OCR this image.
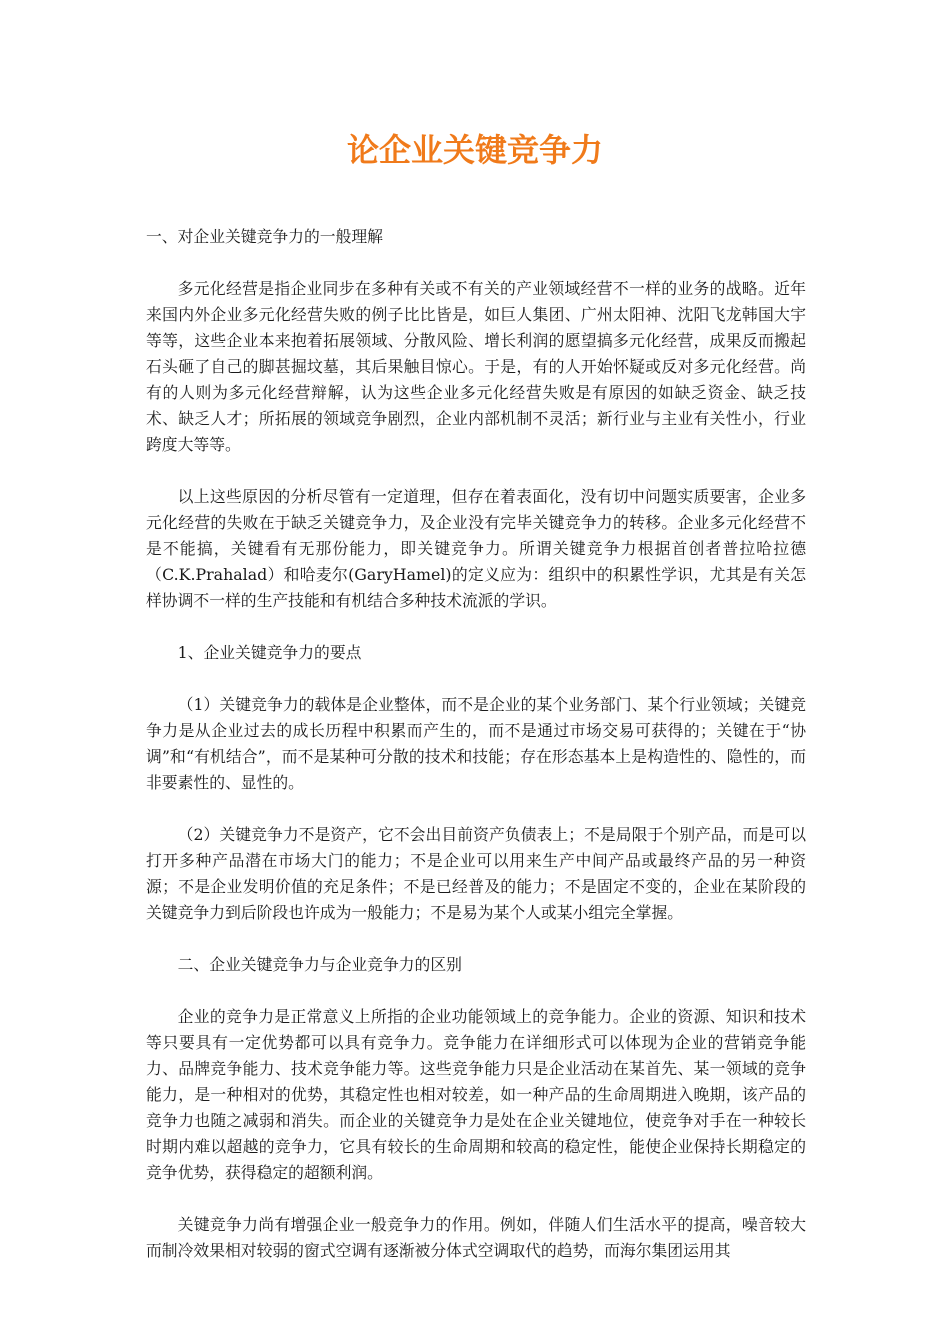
论企业关键竞争力

一、对企业关键竞争力的一般理解

多元化经营是指企业同步在多种有关或不有关的产业领域经营不一样的业务的战略。近年来国内外企业多元化经营失败的例子比比皆是，如巨人集团、广州太阳神、沈阳飞龙韩国大宇等等，这些企业本来抱着拓展领域、分散风险、增长利润的愿望搞多元化经营，成果反而搬起石头砸了自己的脚甚掘坟墓，其后果触目惊心。于是，有的人开始怀疑或反对多元化经营。尚有的人则为多元化经营辩解，认为这些企业多元化经营失败是有原因的如缺乏资金、缺乏技术、缺乏人才；所拓展的领域竞争剧烈，企业内部机制不灵活；新行业与主业有关性小，行业跨度大等等。

以上这些原因的分析尽管有一定道理，但存在着表面化，没有切中问题实质要害，企业多元化经营的失败在于缺乏关键竞争力，及企业没有完毕关键竞争力的转移。企业多元化经营不是不能搞，关键看有无那份能力，即关键竞争力。所谓关键竞争力根据首创者普拉哈拉德（C.K.Prahalad）和哈麦尔(GaryHamel)的定义应为：组织中的积累性学识，尤其是有关怎样协调不一样的生产技能和有机结合多种技术流派的学识。

1、企业关键竞争力的要点

（1）关键竞争力的载体是企业整体，而不是企业的某个业务部门、某个行业领域；关键竞争力是从企业过去的成长历程中积累而产生的，而不是通过市场交易可获得的；关键在于“协调”和“有机结合”，而不是某种可分散的技术和技能；存在形态基本上是构造性的、隐性的，而非要素性的、显性的。

（2）关键竞争力不是资产，它不会出目前资产负债表上；不是局限于个别产品，而是可以打开多种产品潜在市场大门的能力；不是企业可以用来生产中间产品或最终产品的另一种资源；不是企业发明价值的充足条件；不是已经普及的能力；不是固定不变的，企业在某阶段的关键竞争力到后阶段也许成为一般能力；不是易为某个人或某小组完全掌握。

二、企业关键竞争力与企业竞争力的区别

企业的竞争力是正常意义上所指的企业功能领域上的竞争能力。企业的资源、知识和技术等只要具有一定优势都可以具有竞争力。竞争能力在详细形式可以体现为企业的营销竞争能力、品牌竞争能力、技术竞争能力等。这些竞争能力只是企业活动在某首先、某一领域的竞争能力，是一种相对的优势，其稳定性也相对较差，如一种产品的生命周期进入晚期，该产品的竞争力也随之减弱和消失。而企业的关键竞争力是处在企业关键地位，使竞争对手在一种较长时期内难以超越的竞争力，它具有较长的生命周期和较高的稳定性，能使企业保持长期稳定的竞争优势，获得稳定的超额利润。

关键竞争力尚有增强企业一般竞争力的作用。例如，伴随人们生活水平的提高，噪音较大而制冷效果相对较弱的窗式空调有逐渐被分体式空调取代的趋势，而海尔集团运用其
